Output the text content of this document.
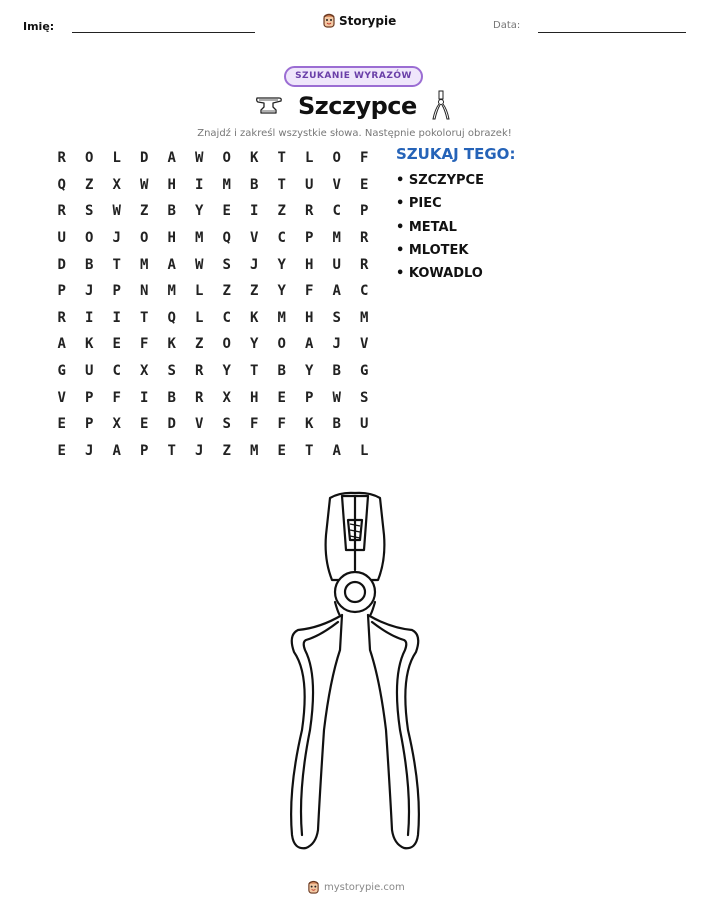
Imię:	Storypie	Data:
SZUKANIE WYRAZÓW
Szczypce
Znajdź i zakreśl wszystkie słowa. Następnie pokoloruj obrazek!
R	O	L	D	A	W	O	K	T	L	O	F
Q	Z	X	W	H	I	M	B	T	U	V	E
R	S	W	Z	B	Y	E	I	Z	R	C	P
U	O	J	O	H	M	Q	V	C	P	M	R
D	B	T	M	A	W	S	J	Y	H	U	R
P	J	P	N	M	L	Z	Z	Y	F	A	C
R	I	I	T	Q	L	C	K	M	H	S	M
A	K	E	F	K	Z	O	Y	O	A	J	V
G	U	C	X	S	R	Y	T	B	Y	B	G
V	P	F	I	B	R	X	H	E	P	W	S
E	P	X	E	D	V	S	F	F	K	B	U
E	J	A	P	T	J	Z	M	E	T	A	L
SZUKAJ TEGO:
• SZCZYPCE
• PIEC
• METAL
• MLOTEK
• KOWADLO
mystorypie.com
